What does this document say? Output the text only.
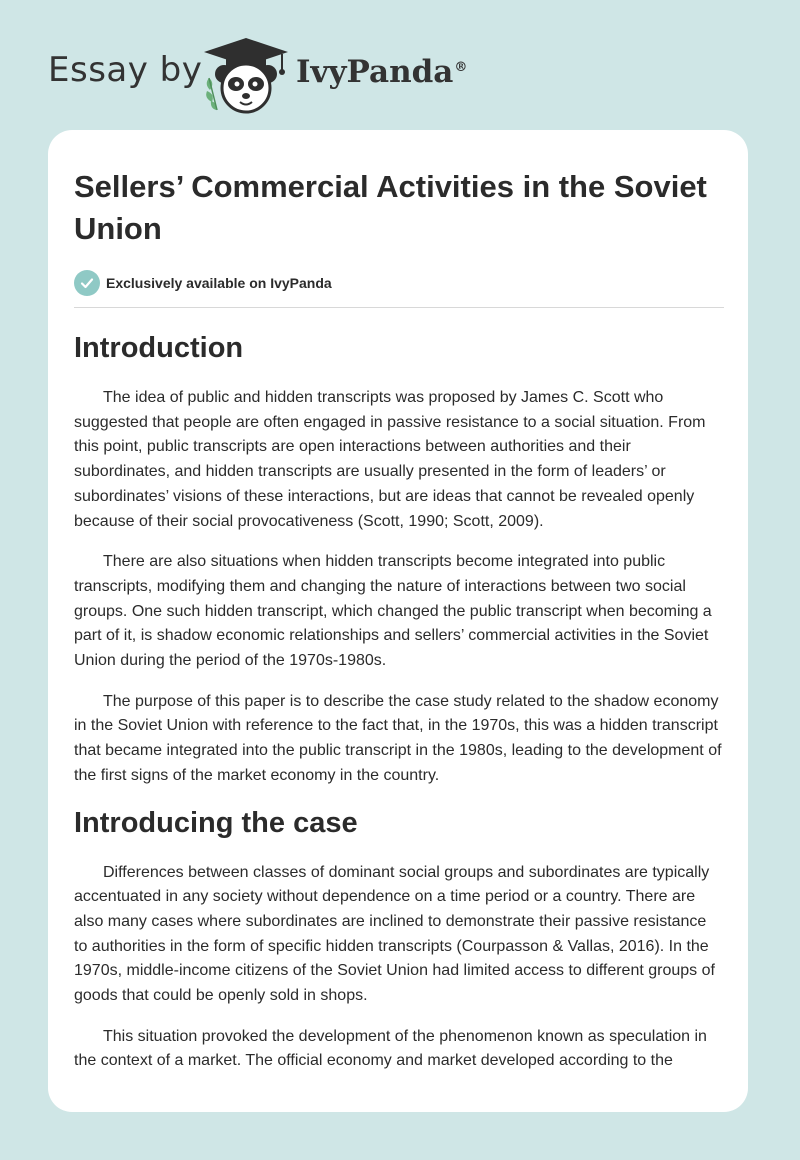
Essay by	IvyPanda®
Sellers’ Commercial Activities in the Soviet Union
Exclusively available on IvyPanda
Introduction

The idea of public and hidden transcripts was proposed by James C. Scott who suggested that people are often engaged in passive resistance to a social situation. From this point, public transcripts are open interactions between authorities and their subordinates, and hidden transcripts are usually presented in the form of leaders’ or subordinates’ visions of these interactions, but are ideas that cannot be revealed openly because of their social provocativeness (Scott, 1990; Scott, 2009).

There are also situations when hidden transcripts become integrated into public transcripts, modifying them and changing the nature of interactions between two social groups. One such hidden transcript, which changed the public transcript when becoming a part of it, is shadow economic relationships and sellers’ commercial activities in the Soviet Union during the period of the 1970s-1980s.

The purpose of this paper is to describe the case study related to the shadow economy in the Soviet Union with reference to the fact that, in the 1970s, this was a hidden transcript that became integrated into the public transcript in the 1980s, leading to the development of the first signs of the market economy in the country.

Introducing the case

Differences between classes of dominant social groups and subordinates are typically accentuated in any society without dependence on a time period or a country. There are also many cases where subordinates are inclined to demonstrate their passive resistance to authorities in the form of specific hidden transcripts (Courpasson & Vallas, 2016). In the 1970s, middle-income citizens of the Soviet Union had limited access to different groups of goods that could be openly sold in shops.

This situation provoked the development of the phenomenon known as speculation in the context of a market. The official economy and market developed according to the
